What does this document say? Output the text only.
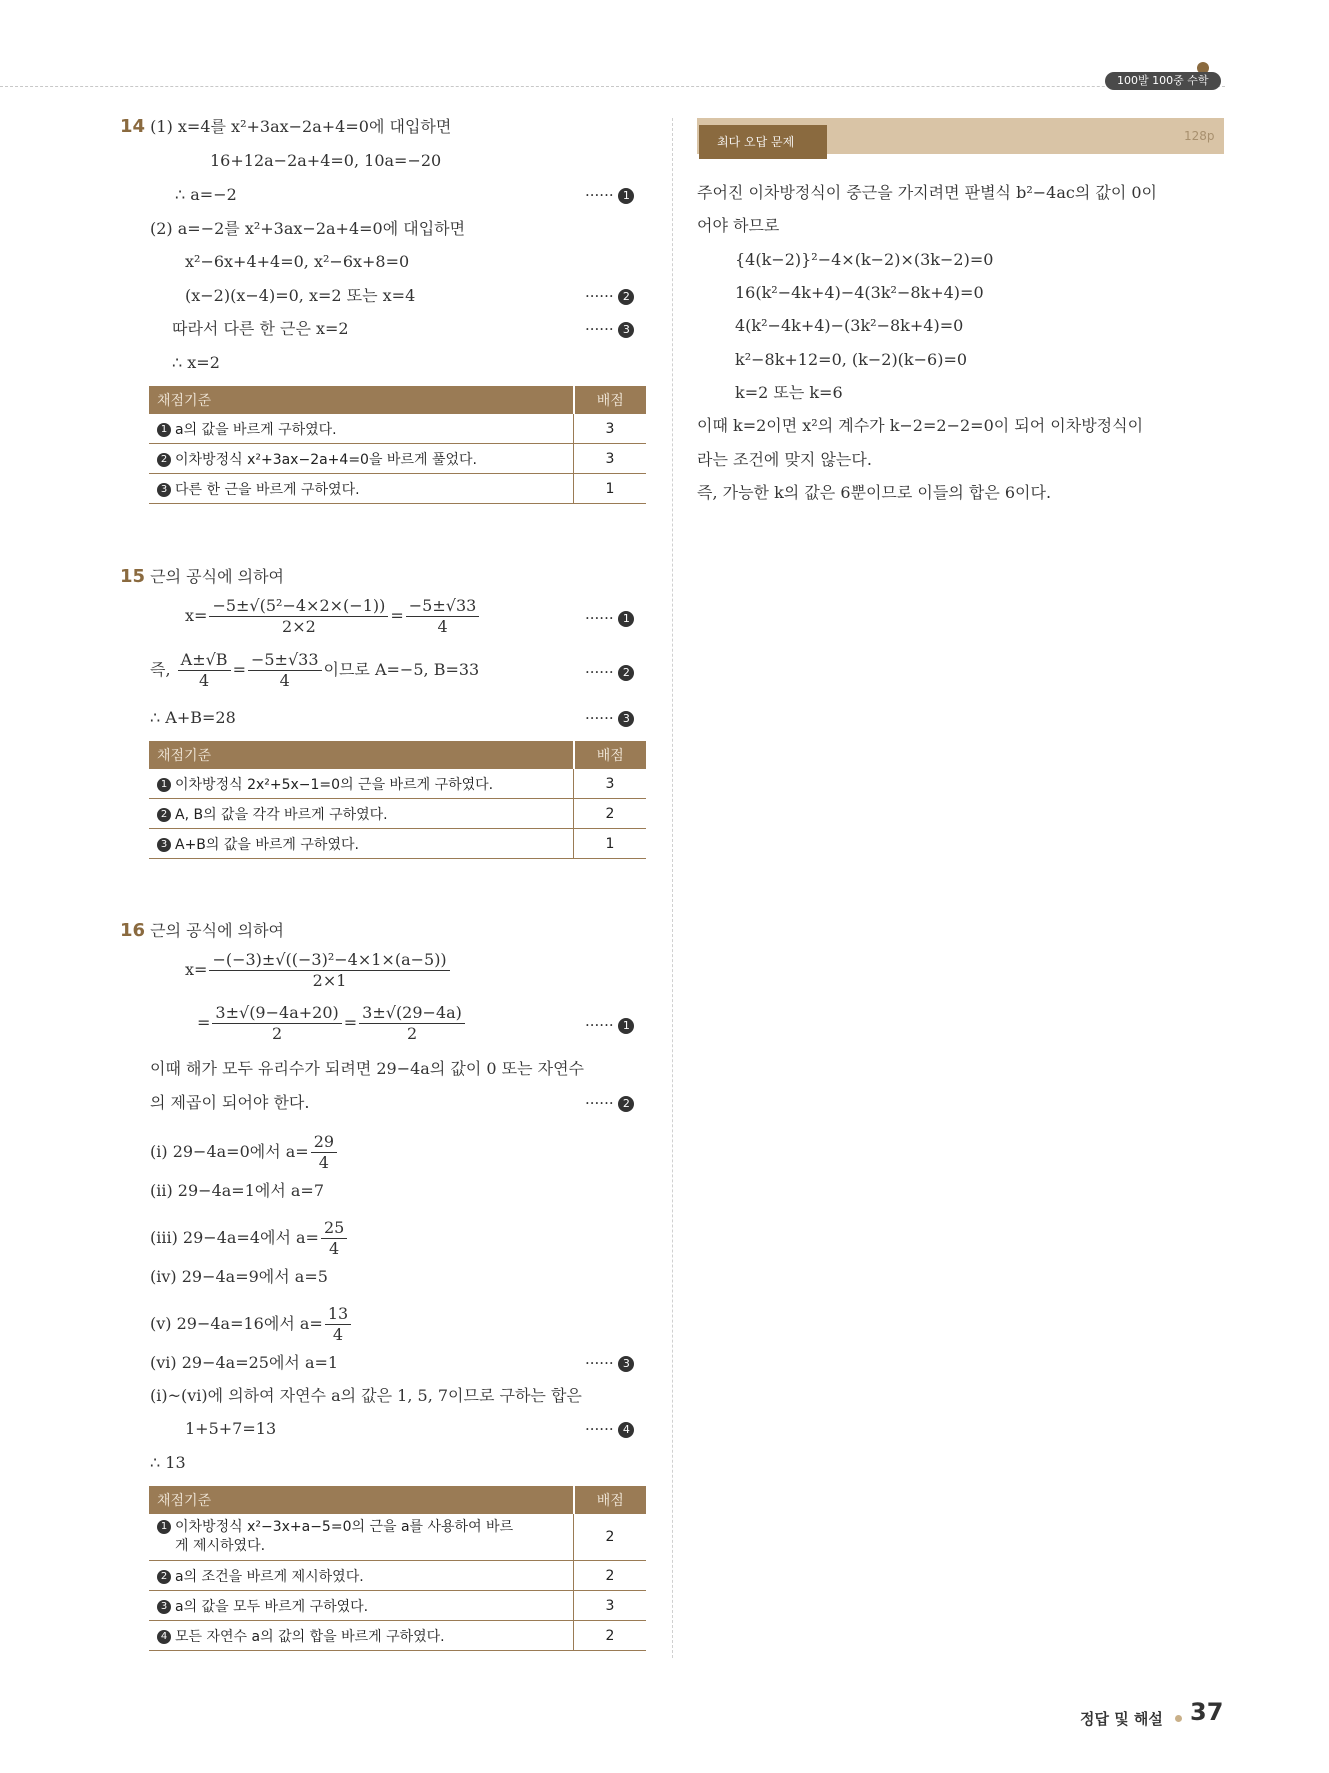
100발 100중 수학
14 (1) x=4를 x²+3ax−2a+4=0에 대입하면
16+12a−2a+4=0, 10a=−20
∴ a=−2
(2) a=−2를 x²+3ax−2a+4=0에 대입하면
x²−6x+4+4=0, x²−6x+8=0
(x−2)(x−4)=0, x=2 또는 x=4
따라서 다른 한 근은 x=2
∴ x=2
······ 1
······ 2
······ 3
채점기준	배점
1 a의 값을 바르게 구하였다.	3
2 이차방정식 x²+3ax−2a+4=0을 바르게 풀었다.	3
3 다른 한 근을 바르게 구하였다.	1
15 근의 공식에 의하여
$x= \frac{\text{−5±√(5²−4×2×(−1))}}{2\times 2} = \frac{-5\pm√33}{4}$
즉, $\frac{A\pm√B}{4} = \frac{-5\pm√33}{4}$ 이므로 A=−5, B=33
∴ A+B=28
······ 1
······ 2
······ 3
채점기준	배점
1 이차방정식 2x²+5x−1=0의 근을 바르게 구하였다.	3
2 A, B의 값을 각각 바르게 구하였다.	2
3 A+B의 값을 바르게 구하였다.	1
16 근의 공식에 의하여
$x= \frac{\text{−(−3)±√((−3)²−4×1×(a−5))}}{2\times 1}$
= $\frac{3\pm√(9-4a+20)}{2} = \frac{3\pm√(29-4a)}{2}$
이때 해가 모두 유리수가 되려면 29−4a의 값이 0 또는 자연수
의 제곱이 되어야 한다.
(ⅰ) 29−4a=0에서 $a= \frac{29}{4}$
(ⅱ) 29−4a=1에서 a=7
(ⅲ) 29−4a=4에서 $a= \frac{25}{4}$
(ⅳ) 29−4a=9에서 a=5
(ⅴ) 29−4a=16에서 $a= \frac{13}{4}$
(ⅵ) 29−4a=25에서 a=1
(ⅰ)~(ⅵ)에 의하여 자연수 a의 값은 1, 5, 7이므로 구하는 합은
1+5+7=13
∴ 13
······ 1
······ 2
······ 3
······ 4
채점기준	배점
1 이차방정식 x²−3x+a−5=0의 근을 a를 사용하여 바르
게 제시하였다.	2
2 a의 조건을 바르게 제시하였다.	2
3 a의 값을 모두 바르게 구하였다.	3
4 모든 자연수 a의 값의 합을 바르게 구하였다.	2
최다 오답 문제	128p
주어진 이차방정식이 중근을 가지려면 판별식 b²−4ac의 값이 0이
어야 하므로
{4(k−2)}²−4×(k−2)×(3k−2)=0
16(k²−4k+4)−4(3k²−8k+4)=0
4(k²−4k+4)−(3k²−8k+4)=0
k²−8k+12=0, (k−2)(k−6)=0
k=2 또는 k=6
이때 k=2이면 x²의 계수가 k−2=2−2=0이 되어 이차방정식이
라는 조건에 맞지 않는다.
즉, 가능한 k의 값은 6뿐이므로 이들의 합은 6이다.
정답 및 해설 37
